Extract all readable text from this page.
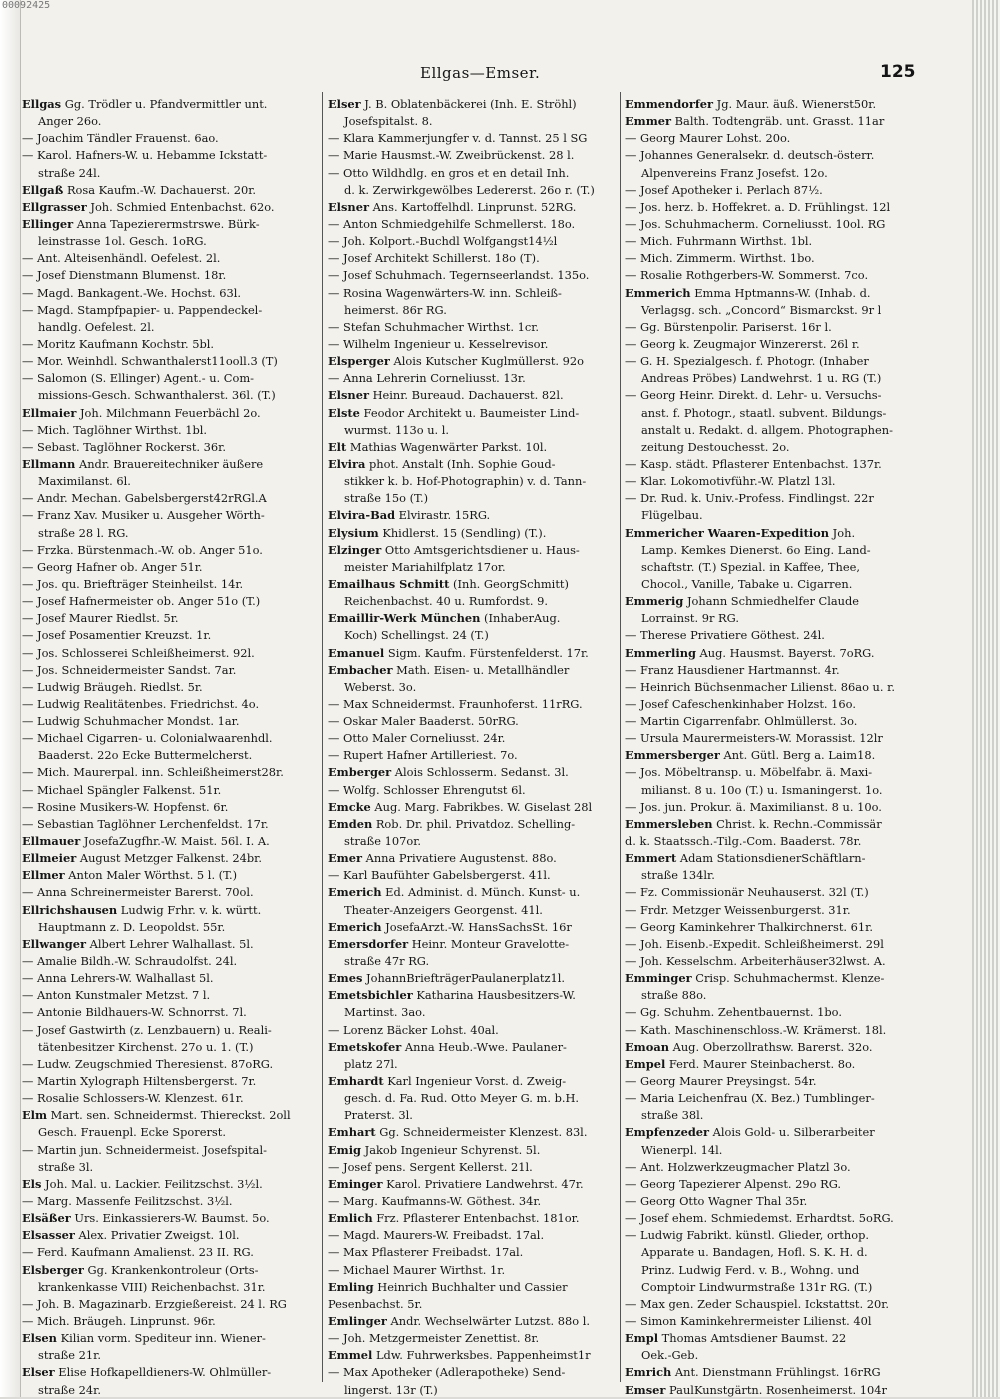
00092425
Ellgas—Emser.	125
Ellgas Gg. Trödler u. Pfandvermittler unt.
Anger 26o.
— Joachim Tändler Frauenst. 6ao.
— Karol. Hafners-W. u. Hebamme Ickstatt-
straße 24l.
Ellgaß Rosa Kaufm.-W. Dachauerst. 20r.
Ellgrasser Joh. Schmied Entenbachst. 62o.
Ellinger Anna Tapezierermstrswe. Bürk-
leinstrasse 1ol. Gesch. 1oRG.
— Ant. Alteisenhändl. Oefelest. 2l.
— Josef Dienstmann Blumenst. 18r.
— Magd. Bankagent.-We. Hochst. 63l.
— Magd. Stampfpapier- u. Pappendeckel-
handlg. Oefelest. 2l.
— Moritz Kaufmann Kochstr. 5bl.
— Mor. Weinhdl. Schwanthalerst11ooll.3 (T)
— Salomon (S. Ellinger) Agent.- u. Com-
missions-Gesch. Schwanthalerst. 36l. (T.)
Ellmaier Joh. Milchmann Feuerbächl 2o.
— Mich. Taglöhner Wirthst. 1bl.
— Sebast. Taglöhner Rockerst. 36r.
Ellmann Andr. Brauereitechniker äußere
Maximilanst. 6l.
— Andr. Mechan. Gabelsbergerst42rRGl.A
— Franz Xav. Musiker u. Ausgeher Wörth-
straße 28 l. RG.
— Frzka. Bürstenmach.-W. ob. Anger 51o.
— Georg Hafner ob. Anger 51r.
— Jos. qu. Briefträger Steinheilst. 14r.
— Josef Hafnermeister ob. Anger 51o (T.)
— Josef Maurer Riedlst. 5r.
— Josef Posamentier Kreuzst. 1r.
— Jos. Schlosserei Schleißheimerst. 92l.
— Jos. Schneidermeister Sandst. 7ar.
— Ludwig Bräugeh. Riedlst. 5r.
— Ludwig Realitätenbes. Friedrichst. 4o.
— Ludwig Schuhmacher Mondst. 1ar.
— Michael Cigarren- u. Colonialwaarenhdl.
Baaderst. 22o Ecke Buttermelcherst.
— Mich. Maurerpal. inn. Schleißheimerst28r.
— Michael Spängler Falkenst. 51r.
— Rosine Musikers-W. Hopfenst. 6r.
— Sebastian Taglöhner Lerchenfeldst. 17r.
Ellmauer JosefaZugfhr.-W. Maist. 56l. I. A.
Ellmeier August Metzger Falkenst. 24br.
Ellmer Anton Maler Wörthst. 5 l. (T.)
— Anna Schreinermeister Barerst. 70ol.
Ellrichshausen Ludwig Frhr. v. k. württ.
Hauptmann z. D. Leopoldst. 55r.
Ellwanger Albert Lehrer Walhallast. 5l.
— Amalie Bildh.-W. Schraudolfst. 24l.
— Anna Lehrers-W. Walhallast 5l.
— Anton Kunstmaler Metzst. 7 l.
— Antonie Bildhauers-W. Schnorrst. 7l.
— Josef Gastwirth (z. Lenzbauern) u. Reali-
tätenbesitzer Kirchenst. 27o u. 1. (T.)
— Ludw. Zeugschmied Theresienst. 87oRG.
— Martin Xylograph Hiltensbergerst. 7r.
— Rosalie Schlossers-W. Klenzest. 61r.
Elm Mart. sen. Schneidermst. Thiereckst. 2oll
Gesch. Frauenpl. Ecke Sporerst.
— Martin jun. Schneidermeist. Josefspital-
straße 3l.
Els Joh. Mal. u. Lackier. Feilitzschst. 3½l.
— Marg. Massenfe Feilitzschst. 3½l.
Elsäßer Urs. Einkassierers-W. Baumst. 5o.
Elsasser Alex. Privatier Zweigst. 10l.
— Ferd. Kaufmann Amalienst. 23 II. RG.
Elsberger Gg. Krankenkontroleur (Orts-
krankenkasse VIII) Reichenbachst. 31r.
— Joh. B. Magazinarb. Erzgießereist. 24 l. RG
— Mich. Bräugeh. Linprunst. 96r.
Elsen Kilian vorm. Spediteur inn. Wiener-
straße 21r.
Elser Elise Hofkapelldieners-W. Ohlmüller-
straße 24r.
Elser J. B. Oblatenbäckerei (Inh. E. Ströhl)
Josefspitalst. 8.
— Klara Kammerjungfer v. d. Tannst. 25 l SG
— Marie Hausmst.-W. Zweibrückenst. 28 l.
— Otto Wildhdlg. en gros et en detail Inh.
d. k. Zerwirkgewölbes Ledererst. 26o r. (T.)
Elsner Ans. Kartoffelhdl. Linprunst. 52RG.
— Anton Schmiedgehilfe Schmellerst. 18o.
— Joh. Kolport.-Buchdl Wolfgangst14½l
— Josef Architekt Schillerst. 18o (T).
— Josef Schuhmach. Tegernseerlandst. 135o.
— Rosina Wagenwärters-W. inn. Schleiß-
heimerst. 86r RG.
— Stefan Schuhmacher Wirthst. 1cr.
— Wilhelm Ingenieur u. Kesselrevisor.
Elsperger Alois Kutscher Kuglmüllerst. 92o
— Anna Lehrerin Corneliusst. 13r.
Elsner Heinr. Bureaud. Dachauerst. 82l.
Elste Feodor Architekt u. Baumeister Lind-
wurmst. 113o u. l.
Elt Mathias Wagenwärter Parkst. 10l.
Elvira phot. Anstalt (Inh. Sophie Goud-
stikker k. b. Hof-Photographin) v. d. Tann-
straße 15o (T.)
Elvira-Bad Elvirastr. 15RG.
Elysium Khidlerst. 15 (Sendling) (T.).
Elzinger Otto Amtsgerichtsdiener u. Haus-
meister Mariahilfplatz 17or.
Emailhaus Schmitt (Inh. GeorgSchmitt)
Reichenbachst. 40 u. Rumfordst. 9.
Emaillir-Werk München (InhaberAug.
Koch) Schellingst. 24 (T.)
Emanuel Sigm. Kaufm. Fürstenfelderst. 17r.
Embacher Math. Eisen- u. Metallhändler
Weberst. 3o.
— Max Schneidermst. Fraunhoferst. 11rRG.
— Oskar Maler Baaderst. 50rRG.
— Otto Maler Corneliusst. 24r.
— Rupert Hafner Artilleriest. 7o.
Emberger Alois Schlosserm. Sedanst. 3l.
— Wolfg. Schlosser Ehrengutst 6l.
Emcke Aug. Marg. Fabrikbes. W. Giselast 28l
Emden Rob. Dr. phil. Privatdoz. Schelling-
straße 107or.
Emer Anna Privatiere Augustenst. 88o.
— Karl Baufühter Gabelsbergerst. 41l.
Emerich Ed. Administ. d. Münch. Kunst- u.
Theater-Anzeigers Georgenst. 41l.
Emerich JosefaArzt.-W. HansSachsSt. 16r
Emersdorfer Heinr. Monteur Gravelotte-
straße 47r RG.
Emes JohannBriefträgerPaulanerplatz1l.
Emetsbichler Katharina Hausbesitzers-W.
Martinst. 3ao.
— Lorenz Bäcker Lohst. 40al.
Emetskofer Anna Heub.-Wwe. Paulaner-
platz 27l.
Emhardt Karl Ingenieur Vorst. d. Zweig-
gesch. d. Fa. Rud. Otto Meyer G. m. b.H.
Praterst. 3l.
Emhart Gg. Schneidermeister Klenzest. 83l.
Emig Jakob Ingenieur Schyrenst. 5l.
— Josef pens. Sergent Kellerst. 21l.
Eminger Karol. Privatiere Landwehrst. 47r.
— Marg. Kaufmanns-W. Göthest. 34r.
Emlich Frz. Pflasterer Entenbachst. 181or.
— Magd. Maurers-W. Freibadst. 17al.
— Max Pflasterer Freibadst. 17al.
— Michael Maurer Wirthst. 1r.
Emling Heinrich Buchhalter und Cassier
Pesenbachst. 5r.
Emlinger Andr. Wechselwärter Lutzst. 88o l.
— Joh. Metzgermeister Zenettist. 8r.
Emmel Ldw. Fuhrwerksbes. Pappenheimst1r
— Max Apotheker (Adlerapotheke) Send-
lingerst. 13r (T.)
Emmendorfer Jg. Maur. äuß. Wienerst50r.
Emmer Balth. Todtengräb. unt. Grasst. 11ar
— Georg Maurer Lohst. 20o.
— Johannes Generalsekr. d. deutsch-österr.
Alpenvereins Franz Josefst. 12o.
— Josef Apotheker i. Perlach 87½.
— Jos. herz. b. Hoffekret. a. D. Frühlingst. 12l
— Jos. Schuhmacherm. Corneliusst. 10ol. RG
— Mich. Fuhrmann Wirthst. 1bl.
— Mich. Zimmerm. Wirthst. 1bo.
— Rosalie Rothgerbers-W. Sommerst. 7co.
Emmerich Emma Hptmanns-W. (Inhab. d.
Verlagsg. sch. „Concord“ Bismarckst. 9r l
— Gg. Bürstenpolir. Pariserst. 16r l.
— Georg k. Zeugmajor Winzererst. 26l r.
— G. H. Spezialgesch. f. Photogr. (Inhaber
Andreas Pröbes) Landwehrst. 1 u. RG (T.)
— Georg Heinr. Direkt. d. Lehr- u. Versuchs-
anst. f. Photogr., staatl. subvent. Bildungs-
anstalt u. Redakt. d. allgem. Photographen-
zeitung Destouchesst. 2o.
— Kasp. städt. Pflasterer Entenbachst. 137r.
— Klar. Lokomotivführ.-W. Platzl 13l.
— Dr. Rud. k. Univ.-Profess. Findlingst. 22r
Flügelbau.
Emmericher Waaren-Expedition Joh.
Lamp. Kemkes Dienerst. 6o Eing. Land-
schaftstr. (T.) Spezial. in Kaffee, Thee,
Chocol., Vanille, Tabake u. Cigarren.
Emmerig Johann Schmiedhelfer Claude
Lorrainst. 9r RG.
— Therese Privatiere Göthest. 24l.
Emmerling Aug. Hausmst. Bayerst. 7oRG.
— Franz Hausdiener Hartmannst. 4r.
— Heinrich Büchsenmacher Lilienst. 86ao u. r.
— Josef Cafeschenkinhaber Holzst. 16o.
— Martin Cigarrenfabr. Ohlmüllerst. 3o.
— Ursula Maurermeisters-W. Morassist. 12lr
Emmersberger Ant. Gütl. Berg a. Laim18.
— Jos. Möbeltransp. u. Möbelfabr. ä. Maxi-
milianst. 8 u. 10o (T.) u. Ismaningerst. 1o.
— Jos. jun. Prokur. ä. Maximilianst. 8 u. 10o.
Emmersleben Christ. k. Rechn.-Commissär
d. k. Staatssch.-Tilg.-Com. Baaderst. 78r.
Emmert Adam StationsdienerSchäftlarn-
straße 134lr.
— Fz. Commissionär Neuhauserst. 32l (T.)
— Frdr. Metzger Weissenburgerst. 31r.
— Georg Kaminkehrer Thalkirchnerst. 61r.
— Joh. Eisenb.-Expedit. Schleißheimerst. 29l
— Joh. Kesselschm. Arbeiterhäuser32lwst. A.
Emminger Crisp. Schuhmachermst. Klenze-
straße 88o.
— Gg. Schuhm. Zehentbauernst. 1bo.
— Kath. Maschinenschloss.-W. Krämerst. 18l.
Emoan Aug. Oberzollrathsw. Barerst. 32o.
Empel Ferd. Maurer Steinbacherst. 8o.
— Georg Maurer Preysingst. 54r.
— Maria Leichenfrau (X. Bez.) Tumblinger-
straße 38l.
Empfenzeder Alois Gold- u. Silberarbeiter
Wienerpl. 14l.
— Ant. Holzwerkzeugmacher Platzl 3o.
— Georg Tapezierer Alpenst. 29o RG.
— Georg Otto Wagner Thal 35r.
— Josef ehem. Schmiedemst. Erhardtst. 5oRG.
— Ludwig Fabrikt. künstl. Glieder, orthop.
Apparate u. Bandagen, Hofl. S. K. H. d.
Prinz. Ludwig Ferd. v. B., Wohng. und
Comptoir Lindwurmstraße 131r RG. (T.)
— Max gen. Zeder Schauspiel. Ickstattst. 20r.
— Simon Kaminkehrermeister Lilienst. 40l
Empl Thomas Amtsdiener Baumst. 22
Oek.-Geb.
Emrich Ant. Dienstmann Frühlingst. 16rRG
Emser PaulKunstgärtn. Rosenheimerst. 104r
